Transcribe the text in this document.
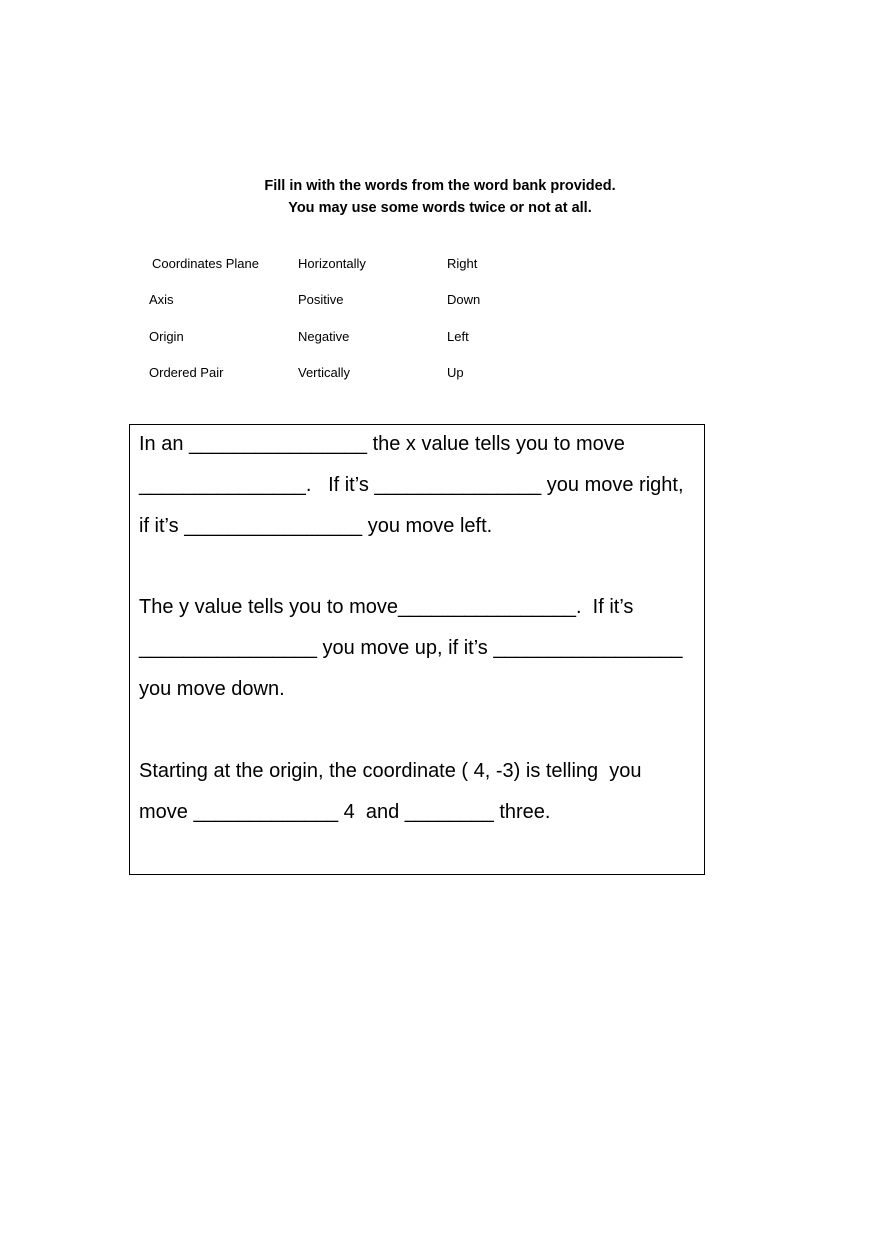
Fill in with the words from the word bank provided.
You may use some words twice or not at all.
Coordinates Plane
Axis
Origin
Ordered Pair
Horizontally
Positive
Negative
Vertically
Right
Down
Left
Up
In an ________________ the x value tells you to move
_______________.   If it’s _______________ you move right,
if it’s ________________ you move left.
The y value tells you to move________________.  If it’s
________________ you move up, if it’s _________________
you move down.
Starting at the origin, the coordinate ( 4, -3) is telling  you
move _____________ 4  and ________ three.
